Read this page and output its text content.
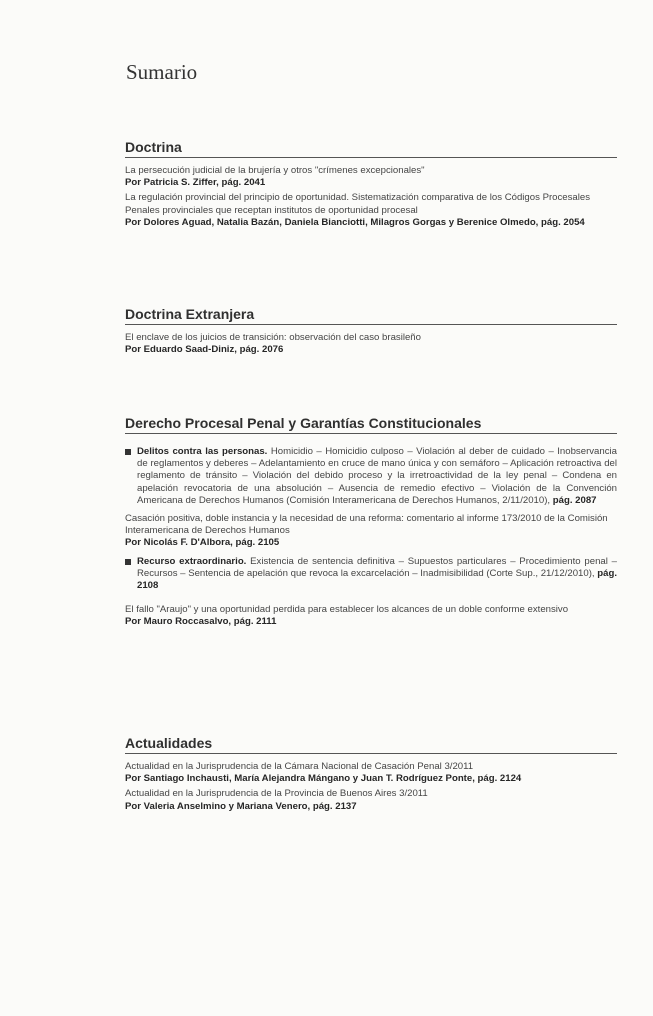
Sumario
Doctrina
La persecución judicial de la brujería y otros "crímenes excepcionales"
Por Patricia S. Ziffer, pág. 2041
La regulación provincial del principio de oportunidad. Sistematización comparativa de los Códigos Procesales Penales provinciales que receptan institutos de oportunidad procesal
Por Dolores Aguad, Natalia Bazán, Daniela Bianciotti, Milagros Gorgas y Berenice Olmedo, pág. 2054
Doctrina Extranjera
El enclave de los juicios de transición: observación del caso brasileño
Por Eduardo Saad-Diniz, pág. 2076
Derecho Procesal Penal y Garantías Constitucionales
Delitos contra las personas. Homicidio – Homicidio culposo – Violación al deber de cuidado – Inobservancia de reglamentos y deberes – Adelantamiento en cruce de mano única y con semáforo – Aplicación retroactiva del reglamento de tránsito – Violación del debido proceso y la irretroactividad de la ley penal – Condena en apelación revocatoria de una absolución – Ausencia de remedio efectivo – Violación de la Convención Americana de Derechos Humanos (Comisión Interamericana de Derechos Humanos, 2/11/2010), pág. 2087
Casación positiva, doble instancia y la necesidad de una reforma: comentario al informe 173/2010 de la Comisión Interamericana de Derechos Humanos
Por Nicolás F. D'Albora, pág. 2105
Recurso extraordinario. Existencia de sentencia definitiva – Supuestos particulares – Procedimiento penal – Recursos – Sentencia de apelación que revoca la excarcelación – Inadmisibilidad (Corte Sup., 21/12/2010), pág. 2108
El fallo "Araujo" y una oportunidad perdida para establecer los alcances de un doble conforme extensivo
Por Mauro Roccasalvo, pág. 2111
Actualidades
Actualidad en la Jurisprudencia de la Cámara Nacional de Casación Penal 3/2011
Por Santiago Inchausti, María Alejandra Mángano y Juan T. Rodríguez Ponte, pág. 2124
Actualidad en la Jurisprudencia de la Provincia de Buenos Aires 3/2011
Por Valeria Anselmino y Mariana Venero, pág. 2137
